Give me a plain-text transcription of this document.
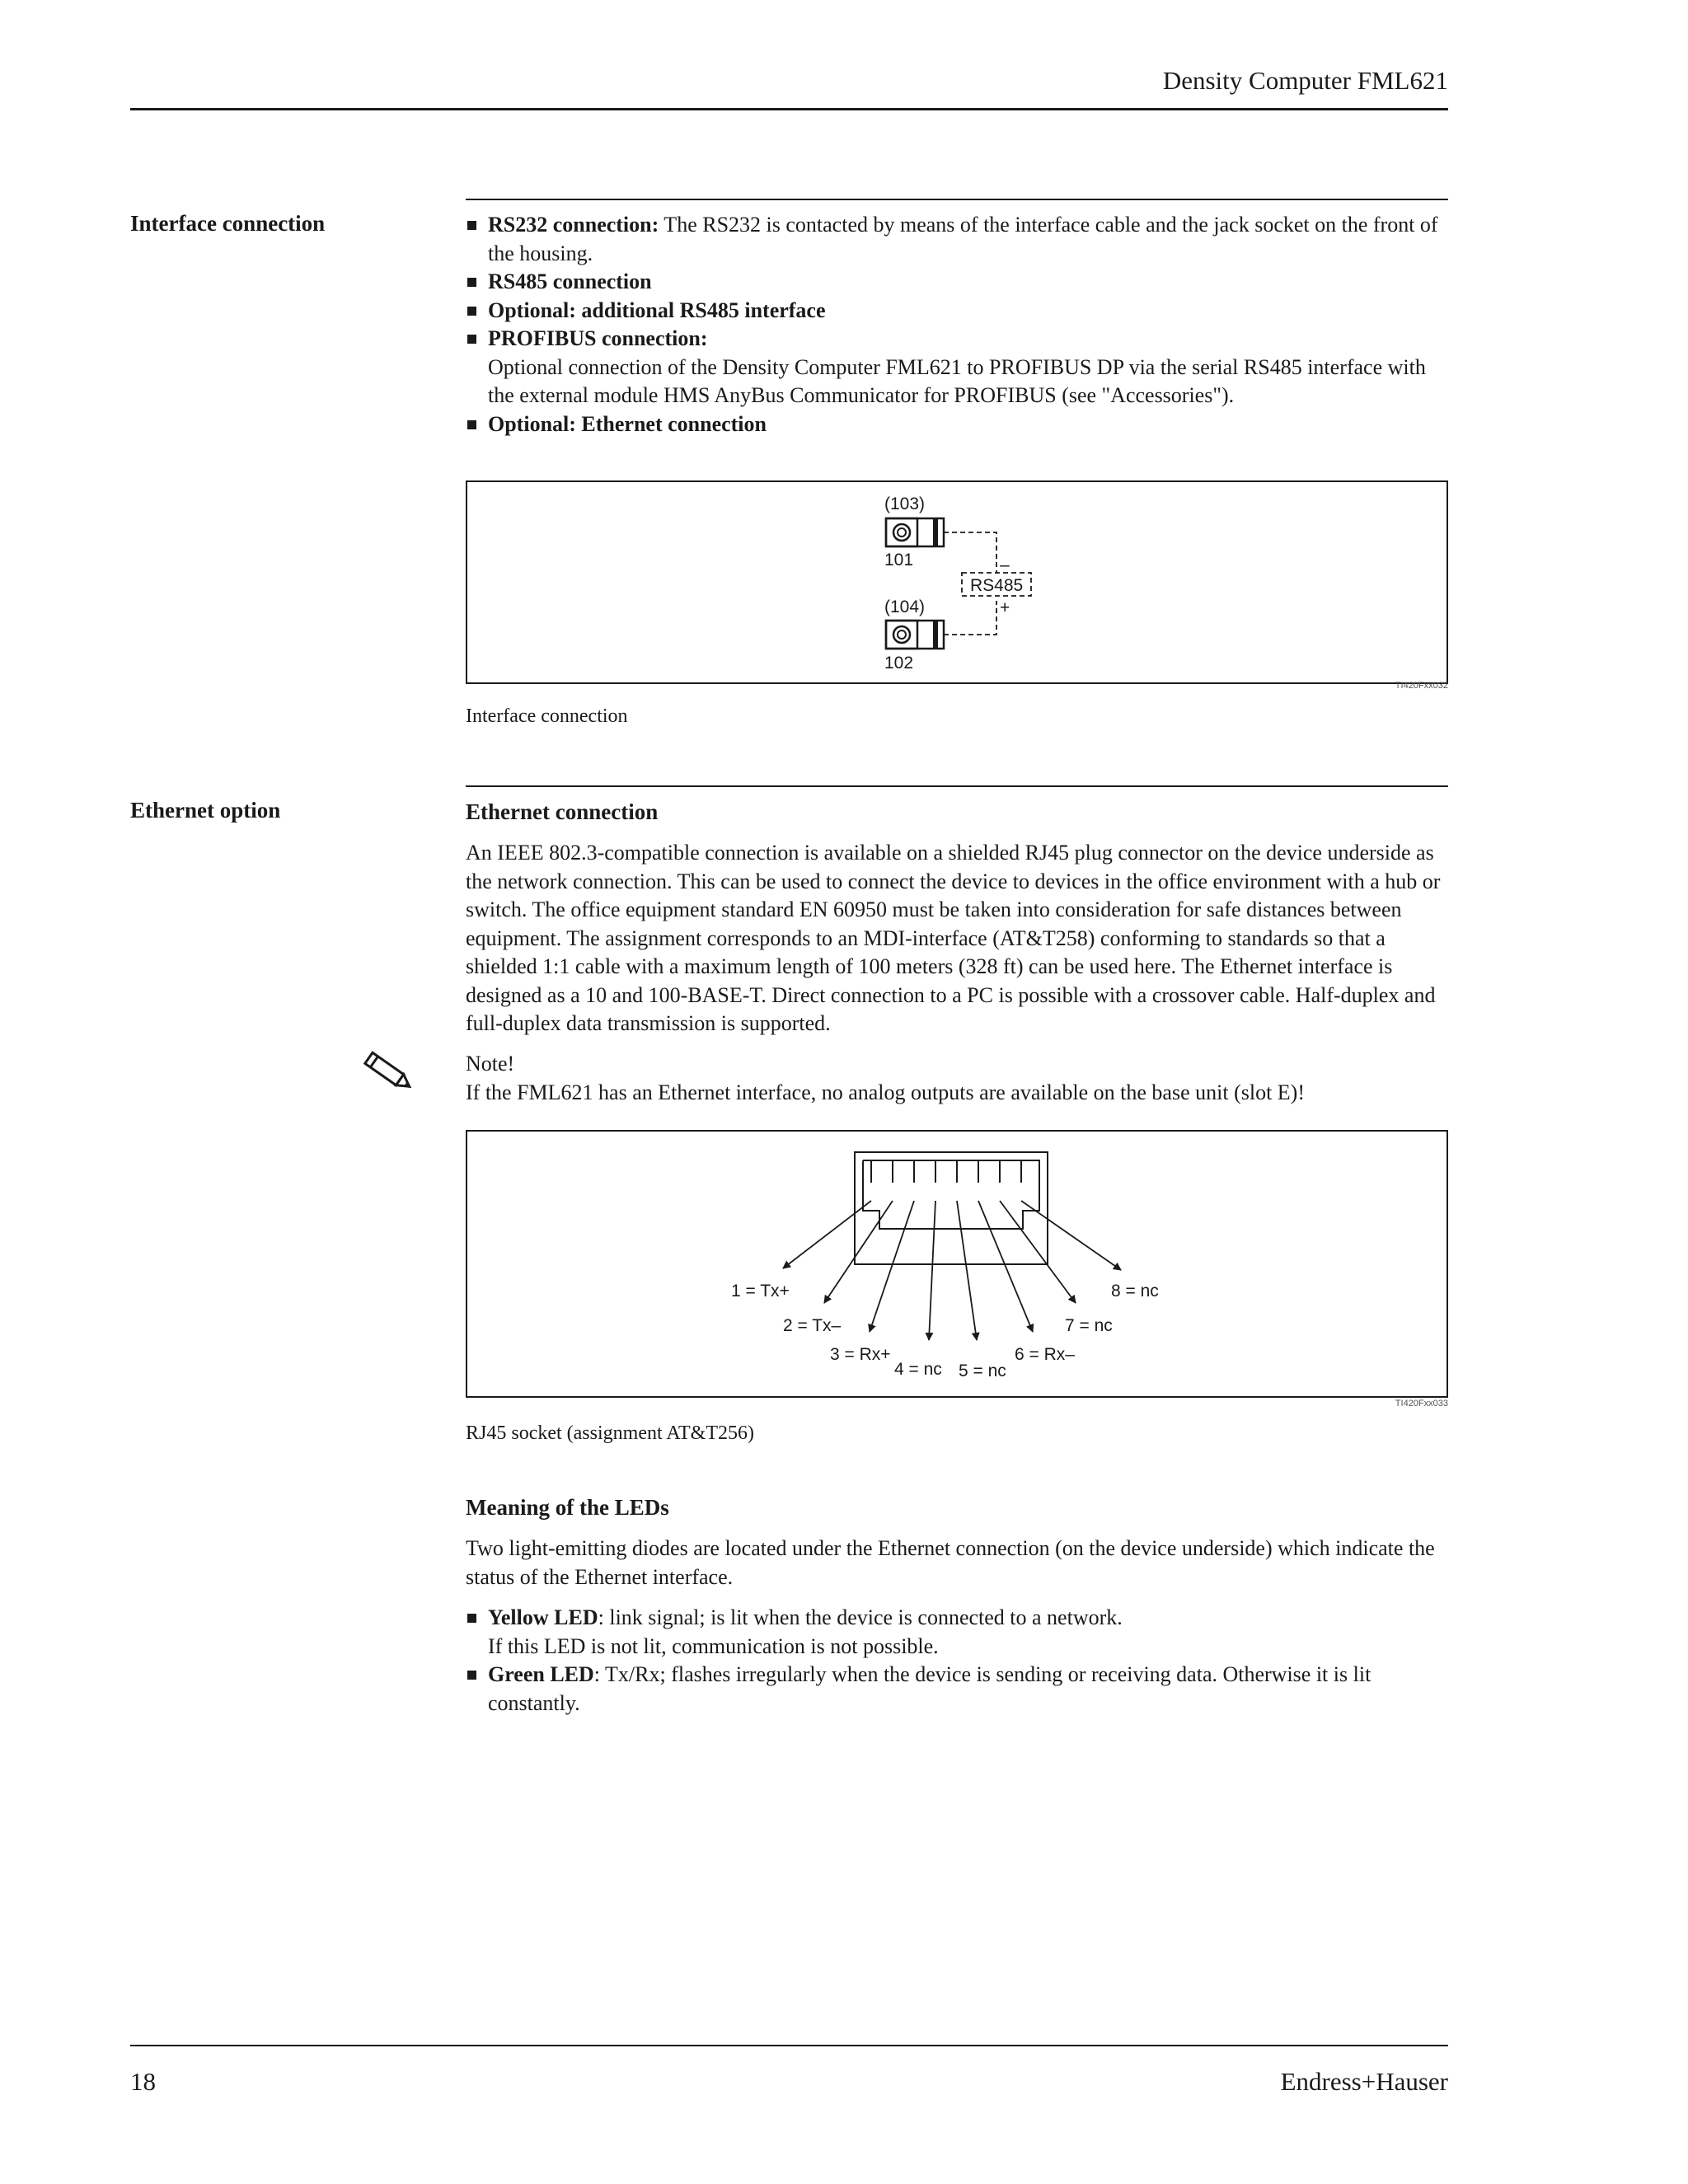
Density Computer FML621
Interface connection	RS232 connection: The RS232 is contacted by means of the interface cable and the jack socket on the front of the housing.
RS485 connection
Optional: additional RS485 interface
PROFIBUS connection:
Optional connection of the Density Computer FML621 to PROFIBUS DP via the serial RS485 interface with the external module HMS AnyBus Communicator for PROFIBUS (see "Accessories").
Optional: Ethernet connection
(103)
101
(104)
102
RS485
–
+
TI420Fxx032
Interface connection
Ethernet option	Ethernet connection

An IEEE 802.3-compatible connection is available on a shielded RJ45 plug connector on the device underside as the network connection. This can be used to connect the device to devices in the office environment with a hub or switch. The office equipment standard EN 60950 must be taken into consideration for safe distances between equipment. The assignment corresponds to an MDI-interface (AT&T258) conforming to standards so that a shielded 1:1 cable with a maximum length of 100 meters (328 ft) can be used here. The Ethernet interface is designed as a 10 and 100-BASE-T. Direct connection to a PC is possible with a crossover cable. Half-duplex and full-duplex data transmission is supported.

Note!
If the FML621 has an Ethernet interface, no analog outputs are available on the base unit (slot E)!
1 = Tx+
2 = Tx–
3 = Rx+
4 = nc 5 = nc
6 = Rx–
7 = nc
8 = nc
TI420Fxx033
RJ45 socket (assignment AT&T256)
Meaning of the LEDs

Two light-emitting diodes are located under the Ethernet connection (on the device underside) which indicate the status of the Ethernet interface.

Yellow LED: link signal; is lit when the device is connected to a network.
If this LED is not lit, communication is not possible.
Green LED: Tx/Rx; flashes irregularly when the device is sending or receiving data. Otherwise it is lit constantly.
18	Endress+Hauser
